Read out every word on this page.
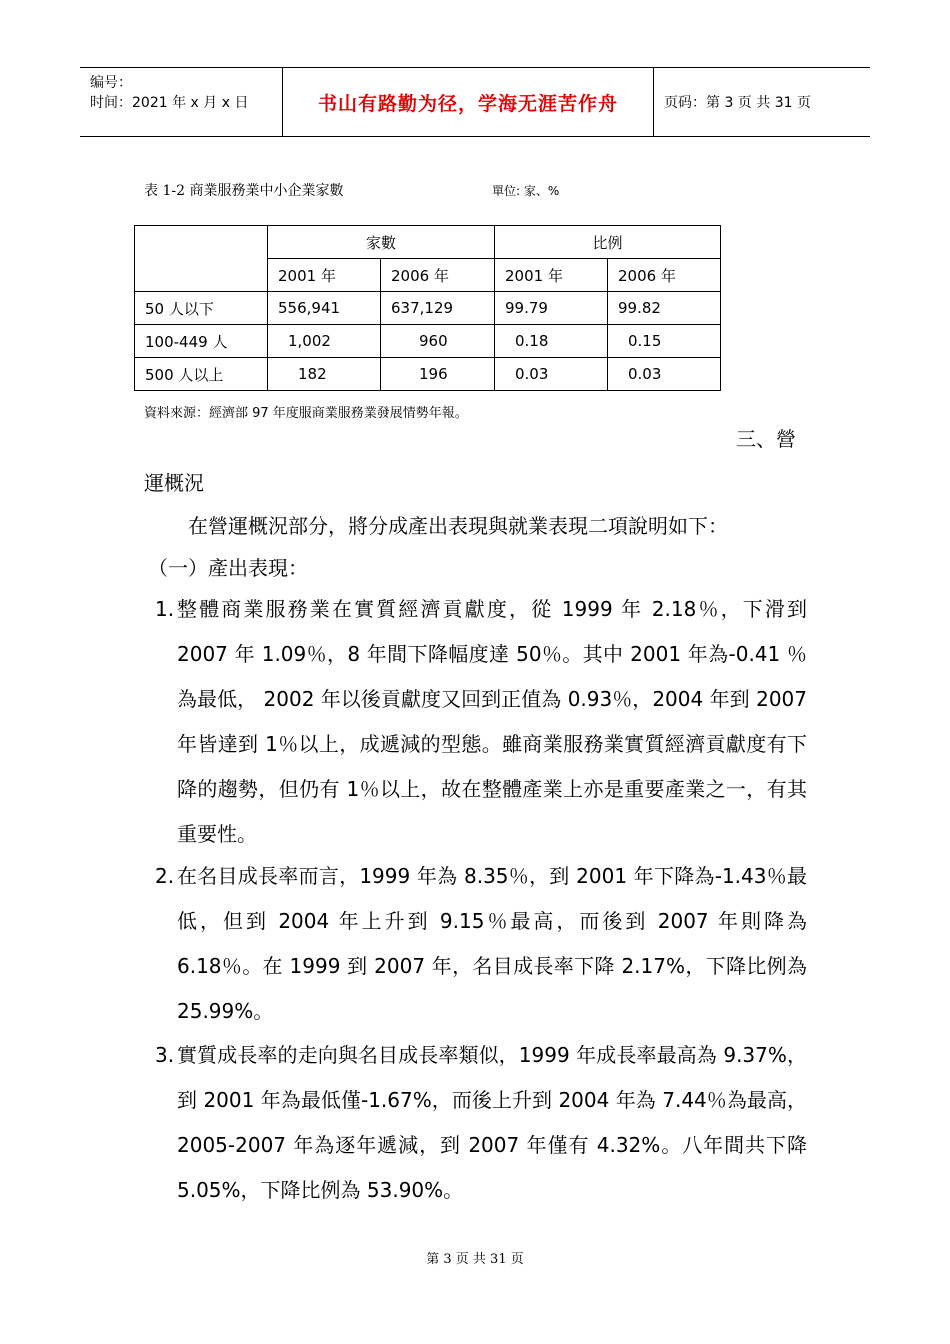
编号：
时间：2021 年 x 月 x 日	书山有路勤为径，学海无涯苦作舟	页码：第 3 页 共 31 页
表 1-2 商業服務業中小企業家數	單位: 家、%
	家數		比例	
	2001 年	2006 年	2001 年	2006 年
50 人以下	556,941	637,129	99.79	99.82
100-449 人	1,002	960	0.18	0.15
500 人以上	182	196	0.03	0.03
資料來源：經濟部 97 年度服商業服務業發展情勢年報。
三、營
運概況
在營運概況部分，將分成產出表現與就業表現二項說明如下：
（一）產出表現：
1. 整體商業服務業在實質經濟貢獻度，從 1999 年 2.18％，下滑到 2007 年 1.09％，8 年間下降幅度達 50％。其中 2001 年為-0.41 ％為最低， 2002 年以後貢獻度又回到正值為 0.93％，2004 年到 2007 年皆達到 1％以上，成遞減的型態。雖商業服務業實質經濟貢獻度有下降的趨勢，但仍有 1％以上，故在整體產業上亦是重要產業之一，有其重要性。
2. 在名目成長率而言，1999 年為 8.35％，到 2001 年下降為-1.43％最低，但到 2004 年上升到 9.15％最高，而後到 2007 年則降為 6.18％。在 1999 到 2007 年，名目成長率下降 2.17%，下降比例為 25.99%。
3. 實質成長率的走向與名目成長率類似，1999 年成長率最高為 9.37%，到 2001 年為最低僅-1.67%，而後上升到 2004 年為 7.44％為最高，2005-2007 年為逐年遞減，到 2007 年僅有 4.32%。八年間共下降 5.05%，下降比例為 53.90%。
第 3 页 共 31 页
